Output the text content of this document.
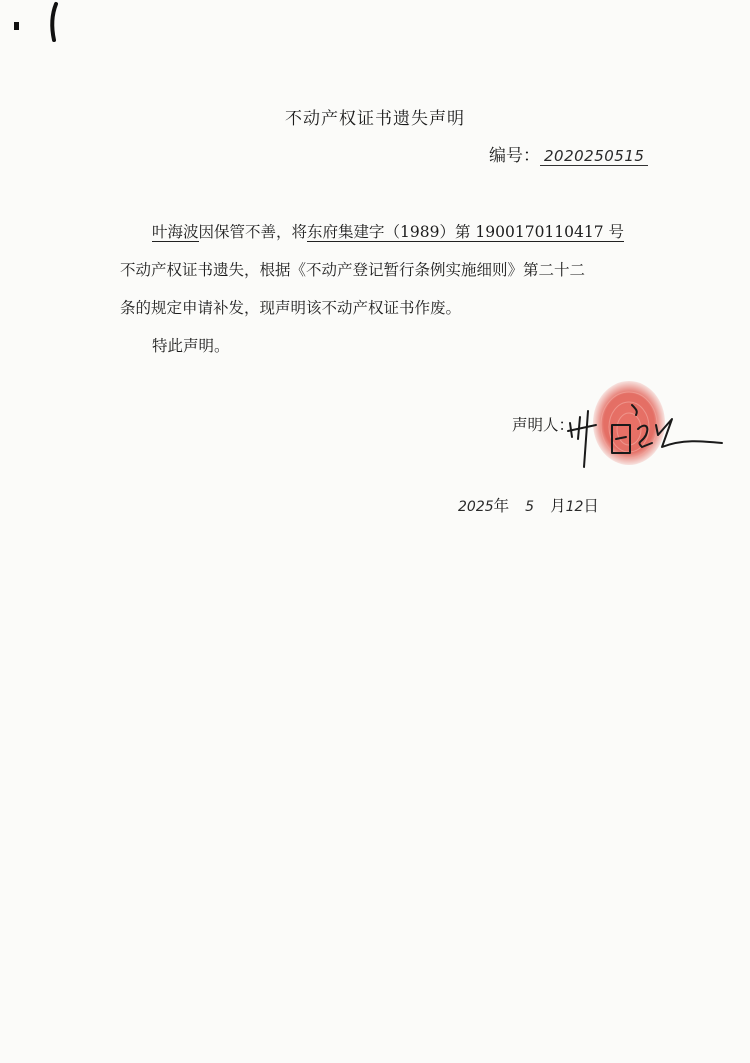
不动产权证书遗失声明
编号： 2020250515
叶海波因保管不善，将东府集建字（1989）第 1900170110417 号
不动产权证书遗失，根据《不动产登记暂行条例实施细则》第二十二
条的规定申请补发，现声明该不动产权证书作废。
特此声明。
声明人：
2025年 5 月12日
